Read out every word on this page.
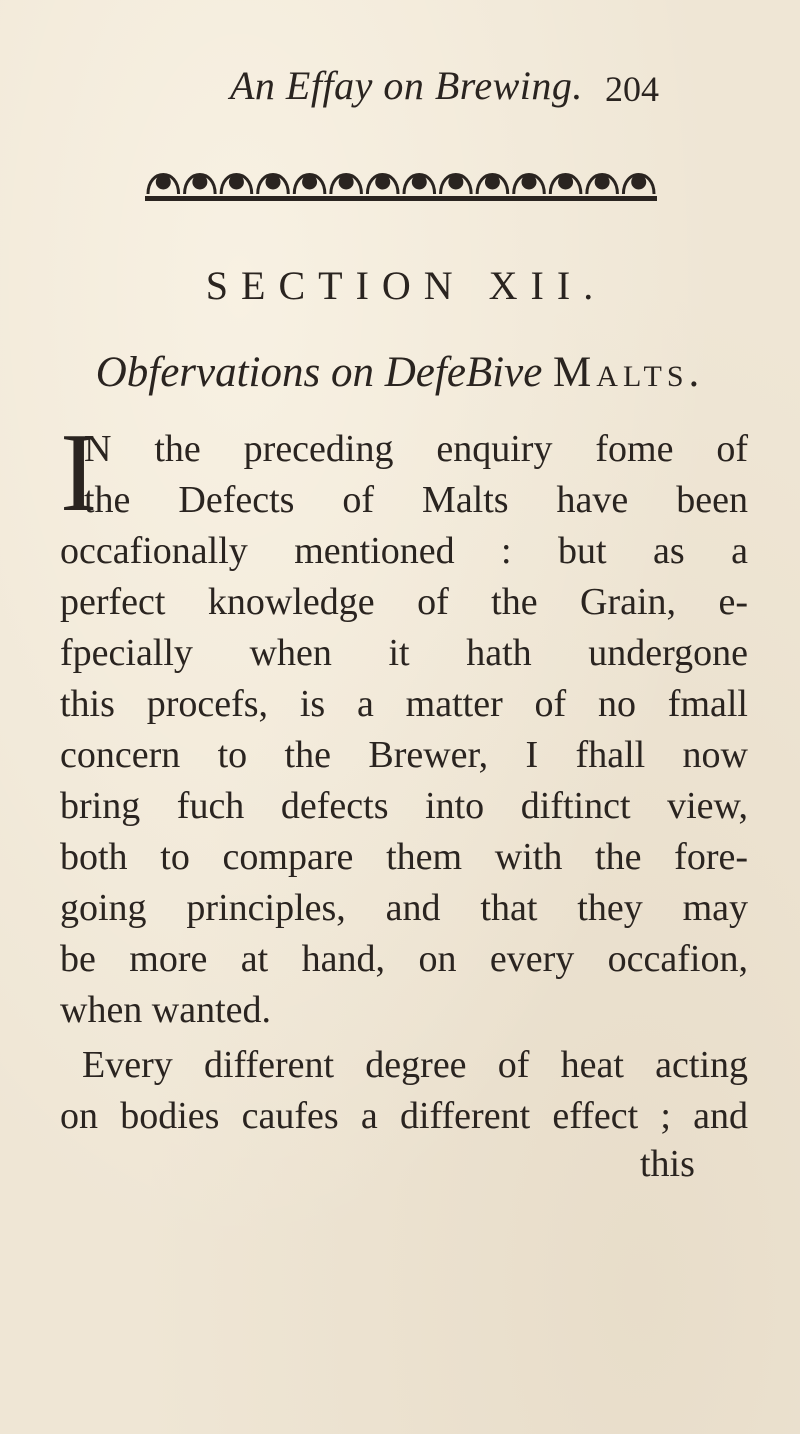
An Effay on Brewing. 204
SECTION XII.
Obfervations on DefeBive Malts.
I
N the preceding enquiry fome of
the Defects of Malts have been
occafionally mentioned : but as a
perfect knowledge of the Grain, e-
fpecially when it hath undergone
this procefs, is a matter of no fmall
concern to the Brewer, I fhall now
bring fuch defects into diftinct view,
both to compare them with the fore-
going principles, and that they may
be more at hand, on every occafion,
when wanted.
Every different degree of heat acting
on bodies caufes a different effect ; and
this
